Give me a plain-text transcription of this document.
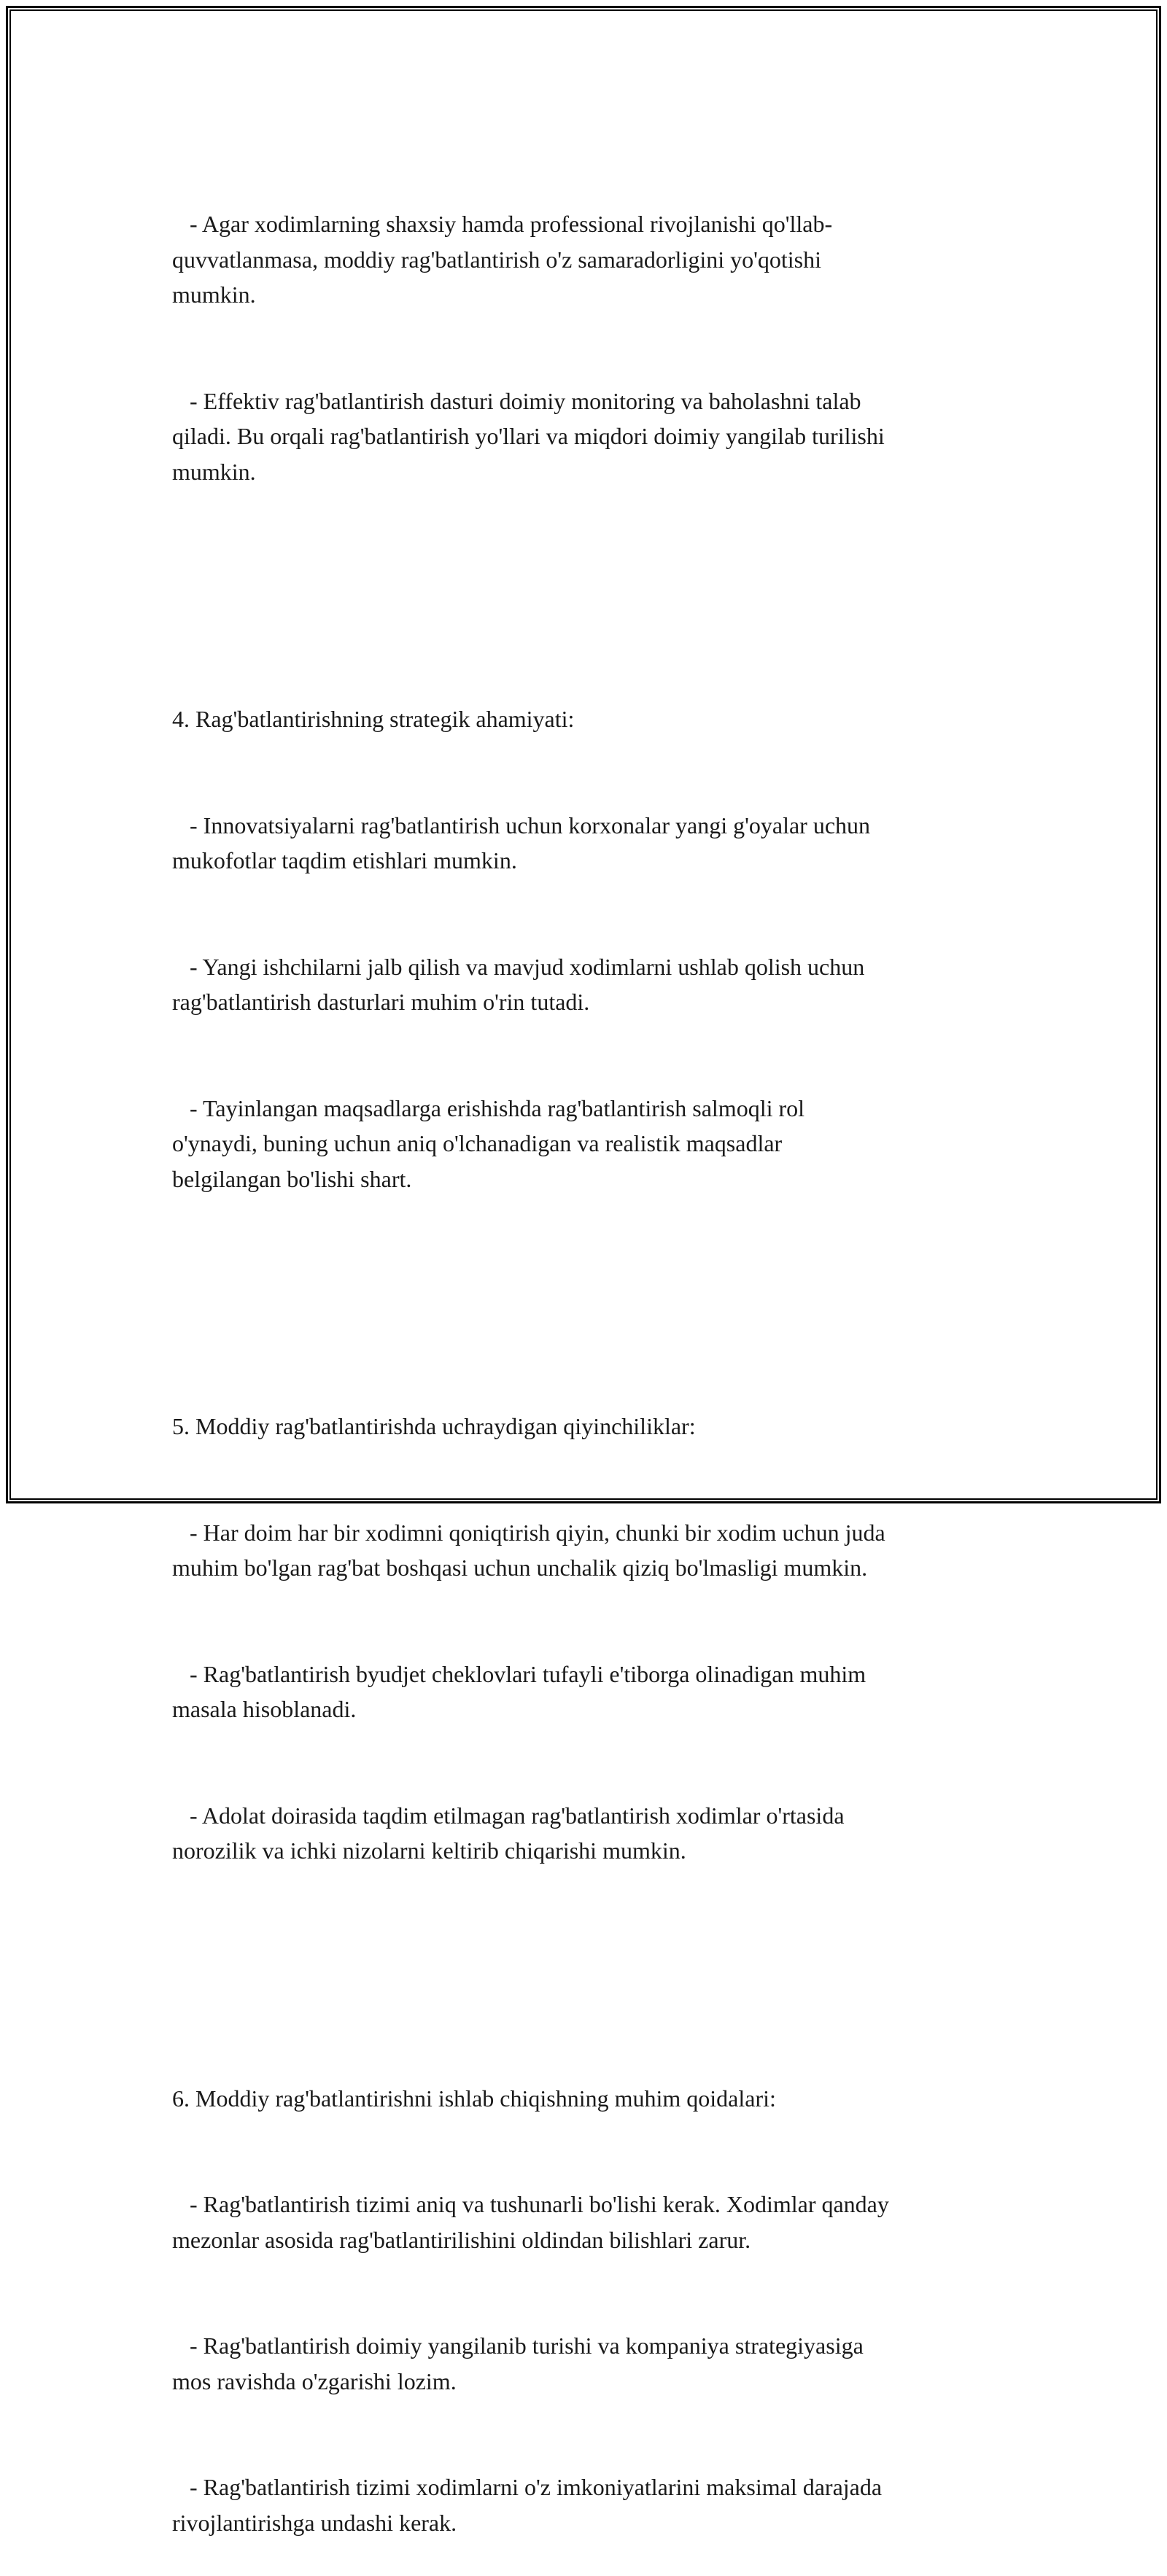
- Agar xodimlarning shaxsiy hamda professional rivojlanishi qo'llab-
quvvatlanmasa, moddiy rag'batlantirish o'z samaradorligini yo'qotishi
mumkin.

- Effektiv rag'batlantirish dasturi doimiy monitoring va baholashni talab
qiladi. Bu orqali rag'batlantirish yo'llari va miqdori doimiy yangilab turilishi
mumkin.

4. Rag'batlantirishning strategik ahamiyati:

- Innovatsiyalarni rag'batlantirish uchun korxonalar yangi g'oyalar uchun
mukofotlar taqdim etishlari mumkin.

- Yangi ishchilarni jalb qilish va mavjud xodimlarni ushlab qolish uchun
rag'batlantirish dasturlari muhim o'rin tutadi.

- Tayinlangan maqsadlarga erishishda rag'batlantirish salmoqli rol
o'ynaydi, buning uchun aniq o'lchanadigan va realistik maqsadlar
belgilangan bo'lishi shart.

5. Moddiy rag'batlantirishda uchraydigan qiyinchiliklar:

- Har doim har bir xodimni qoniqtirish qiyin, chunki bir xodim uchun juda
muhim bo'lgan rag'bat boshqasi uchun unchalik qiziq bo'lmasligi mumkin.

- Rag'batlantirish byudjet cheklovlari tufayli e'tiborga olinadigan muhim
masala hisoblanadi.

- Adolat doirasida taqdim etilmagan rag'batlantirish xodimlar o'rtasida
norozilik va ichki nizolarni keltirib chiqarishi mumkin.

6. Moddiy rag'batlantirishni ishlab chiqishning muhim qoidalari:

- Rag'batlantirish tizimi aniq va tushunarli bo'lishi kerak. Xodimlar qanday
mezonlar asosida rag'batlantirilishini oldindan bilishlari zarur.

- Rag'batlantirish doimiy yangilanib turishi va kompaniya strategiyasiga
mos ravishda o'zgarishi lozim.

- Rag'batlantirish tizimi xodimlarni o'z imkoniyatlarini maksimal darajada
rivojlantirishga undashi kerak.
